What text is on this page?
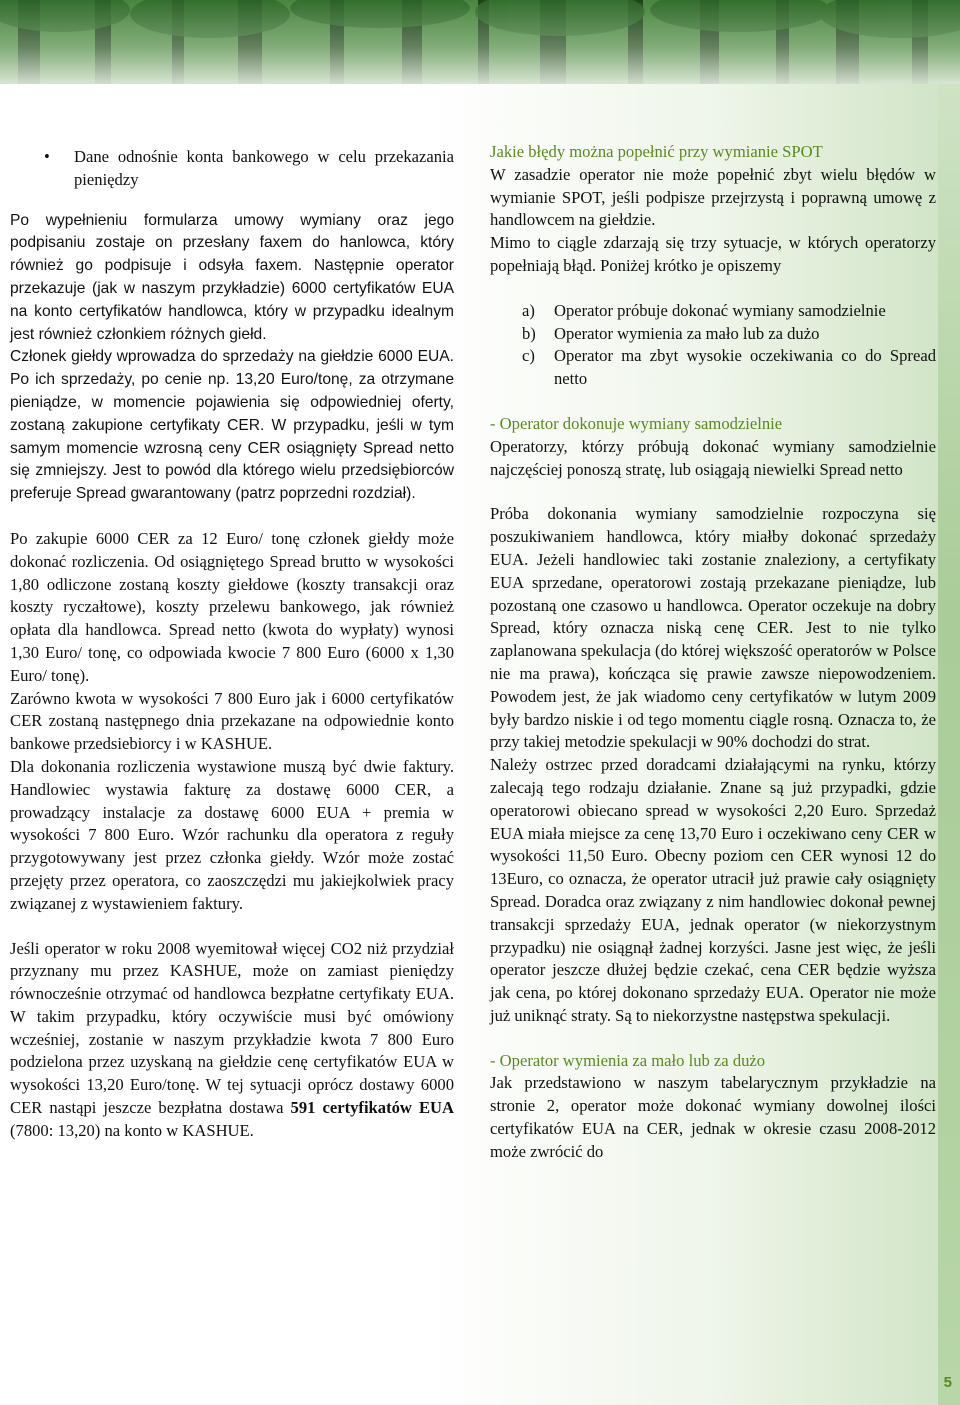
• Dane odnośnie konta bankowego w celu przekazania pieniędzy

Po wypełnieniu formularza umowy wymiany oraz jego podpisaniu zostaje on przesłany faxem do hanlowca, który również go podpisuje i odsyła faxem. Następnie operator przekazuje (jak w naszym przykładzie) 6000 certyfikatów EUA na konto certyfikatów handlowca, który w przypadku idealnym jest również członkiem różnych giełd.

Członek giełdy wprowadza do sprzedaży na giełdzie 6000 EUA. Po ich sprzedaży, po cenie np. 13,20 Euro/tonę, za otrzymane pieniądze, w momencie pojawienia się odpowiedniej oferty, zostaną zakupione certyfikaty CER. W przypadku, jeśli w tym samym momencie wzrosną ceny CER osiągnięty Spread netto się zmniejszy. Jest to powód dla którego wielu przedsiębiorców preferuje Spread gwarantowany (patrz poprzedni rozdział).

Po zakupie 6000 CER za 12 Euro/ tonę członek giełdy może dokonać rozliczenia. Od osiągniętego Spread brutto w wysokości 1,80 odliczone zostaną koszty giełdowe (koszty transakcji oraz koszty ryczałtowe), koszty przelewu bankowego, jak również opłata dla handlowca. Spread netto (kwota do wypłaty) wynosi 1,30 Euro/ tonę, co odpowiada kwocie 7 800 Euro (6000 x 1,30 Euro/ tonę).

Zarówno kwota w wysokości 7 800 Euro jak i 6000 certyfikatów CER zostaną następnego dnia przekazane na odpowiednie konto bankowe przedsiebiorcy i w KASHUE.

Dla dokonania rozliczenia wystawione muszą być dwie faktury. Handlowiec wystawia fakturę za dostawę 6000 CER, a prowadzący instalacje za dostawę 6000 EUA + premia w wysokości 7 800 Euro. Wzór rachunku dla operatora z reguły przygotowywany jest przez członka giełdy. Wzór może zostać przejęty przez operatora, co zaoszczędzi mu jakiejkolwiek pracy związanej z wystawieniem faktury.

Jeśli operator w roku 2008 wyemitował więcej CO2 niż przydział przyznany mu przez KASHUE, może on zamiast pieniędzy równocześnie otrzymać od handlowca bezpłatne certyfikaty EUA. W takim przypadku, który oczywiście musi być omówiony wcześniej, zostanie w naszym przykładzie kwota 7 800 Euro podzielona przez uzyskaną na giełdzie cenę certyfikatów EUA w wysokości 13,20 Euro/tonę. W tej sytuacji oprócz dostawy 6000 CER nastąpi jeszcze bezpłatna dostawa 591 certyfikatów EUA (7800: 13,20) na konto w KASHUE.

Jakie błędy można popełnić przy wymianie SPOT

W zasadzie operator nie może popełnić zbyt wielu błędów w wymianie SPOT, jeśli podpisze przejrzystą i poprawną umowę z handlowcem na giełdzie.

Mimo to ciągle zdarzają się trzy sytuacje, w których operatorzy popełniają błąd. Poniżej krótko je opiszemy

a) Operator próbuje dokonać wymiany samodzielnie
b) Operator wymienia za mało lub za dużo
c) Operator ma zbyt wysokie oczekiwania co do Spread netto

- Operator dokonuje wymiany samodzielnie

Operatorzy, którzy próbują dokonać wymiany samodzielnie najczęściej ponoszą stratę, lub osiągają niewielki Spread netto

Próba dokonania wymiany samodzielnie rozpoczyna się poszukiwaniem handlowca, który miałby dokonać sprzedaży EUA. Jeżeli handlowiec taki zostanie znaleziony, a certyfikaty EUA sprzedane, operatorowi zostają przekazane pieniądze, lub pozostaną one czasowo u handlowca. Operator oczekuje na dobry Spread, który oznacza niską cenę CER. Jest to nie tylko zaplanowana spekulacja (do której większość operatorów w Polsce nie ma prawa), kończąca się prawie zawsze niepowodzeniem. Powodem jest, że jak wiadomo ceny certyfikatów w lutym 2009 były bardzo niskie i od tego momentu ciągle rosną. Oznacza to, że przy takiej metodzie spekulacji w 90% dochodzi do strat.

Należy ostrzec przed doradcami działającymi na rynku, którzy zalecają tego rodzaju działanie. Znane są już przypadki, gdzie operatorowi obiecano spread w wysokości 2,20 Euro. Sprzedaż EUA miała miejsce za cenę 13,70 Euro i oczekiwano ceny CER w wysokości 11,50 Euro. Obecny poziom cen CER wynosi 12 do 13Euro, co oznacza, że operator utracił już prawie cały osiągnięty Spread. Doradca oraz związany z nim handlowiec dokonał pewnej transakcji sprzedaży EUA, jednak operator (w niekorzystnym przypadku) nie osiągnął żadnej korzyści. Jasne jest więc, że jeśli operator jeszcze dłużej będzie czekać, cena CER będzie wyższa jak cena, po której dokonano sprzedaży EUA. Operator nie może już uniknąć straty. Są to niekorzystne następstwa spekulacji.

- Operator wymienia za mało lub za dużo

Jak przedstawiono w naszym tabelarycznym przykładzie na stronie 2, operator może dokonać wymiany dowolnej ilości certyfikatów EUA na CER, jednak w okresie czasu 2008-2012 może zwrócić do

5
